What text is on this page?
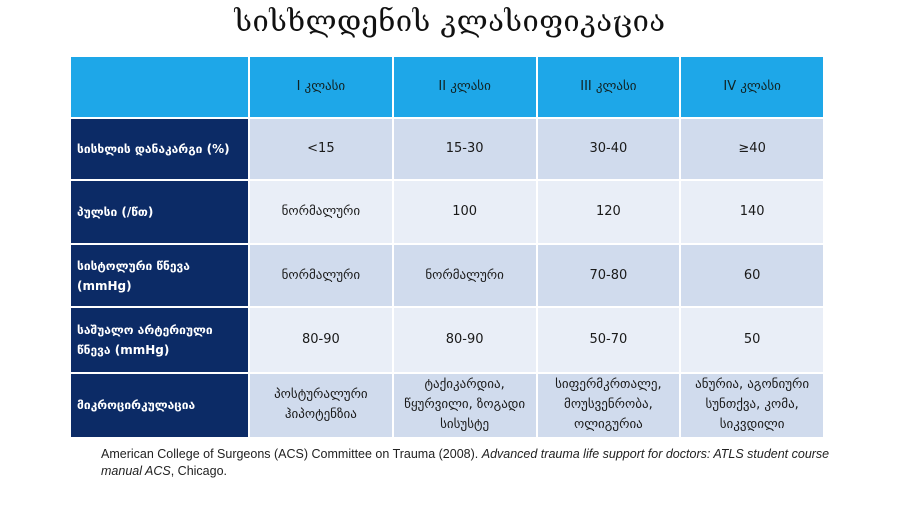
სისხლდენის კლასიფიკაცია
	I კლასი	II კლასი	III კლასი	IV კლასი
სისხლის დანაკარგი (%)	<15	15-30	30-40	≥40
პულსი (/წთ)	ნორმალური	100	120	140
სისტოლური წნევა (mmHg)	ნორმალური	ნორმალური	70-80	60
საშუალო არტერიული წნევა (mmHg)	80-90	80-90	50-70	50
მიკროცირკულაცია	პოსტურალური ჰიპოტენზია	ტაქიკარდია, წყურვილი, ზოგადი სისუსტე	სიფერმკრთალე, მოუსვენრობა, ოლიგურია	ანურია, აგონიური სუნთქვა, კომა, სიკვდილი
American College of Surgeons (ACS) Committee on Trauma (2008). Advanced trauma life support for doctors: ATLS student course manual ACS, Chicago.
